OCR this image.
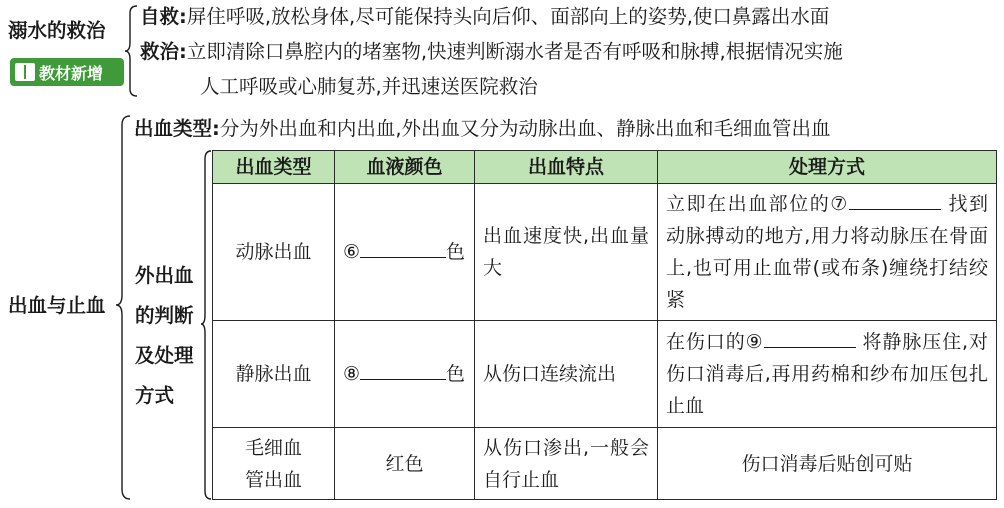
溺水的救治
教材新增
自救:屏住呼吸,放松身体,尽可能保持头向后仰、面部向上的姿势,使口鼻露出水面
救治:立即清除口鼻腔内的堵塞物,快速判断溺水者是否有呼吸和脉搏,根据情况实施
人工呼吸或心肺复苏,并迅速送医院救治
出血与止血
出血类型:分为外出血和内出血,外出血又分为动脉出血、静脉出血和毛细血管出血
外出血
的判断
及处理
方式
出血类型	血液颜色	出血特点	处理方式
动脉出血	⑥ 色	出血速度快,出血量大	立即在出血部位的⑦ 找到动脉搏动的地方,用力将动脉压在骨面上,也可用止血带(或布条)缠绕打结绞紧
静脉出血	⑧ 色	从伤口连续流出	在伤口的⑨ 将静脉压住,对伤口消毒后,再用药棉和纱布加压包扎止血

毛细血
管出血	红色	从伤口渗出,一般会自行止血	伤口消毒后贴创可贴
